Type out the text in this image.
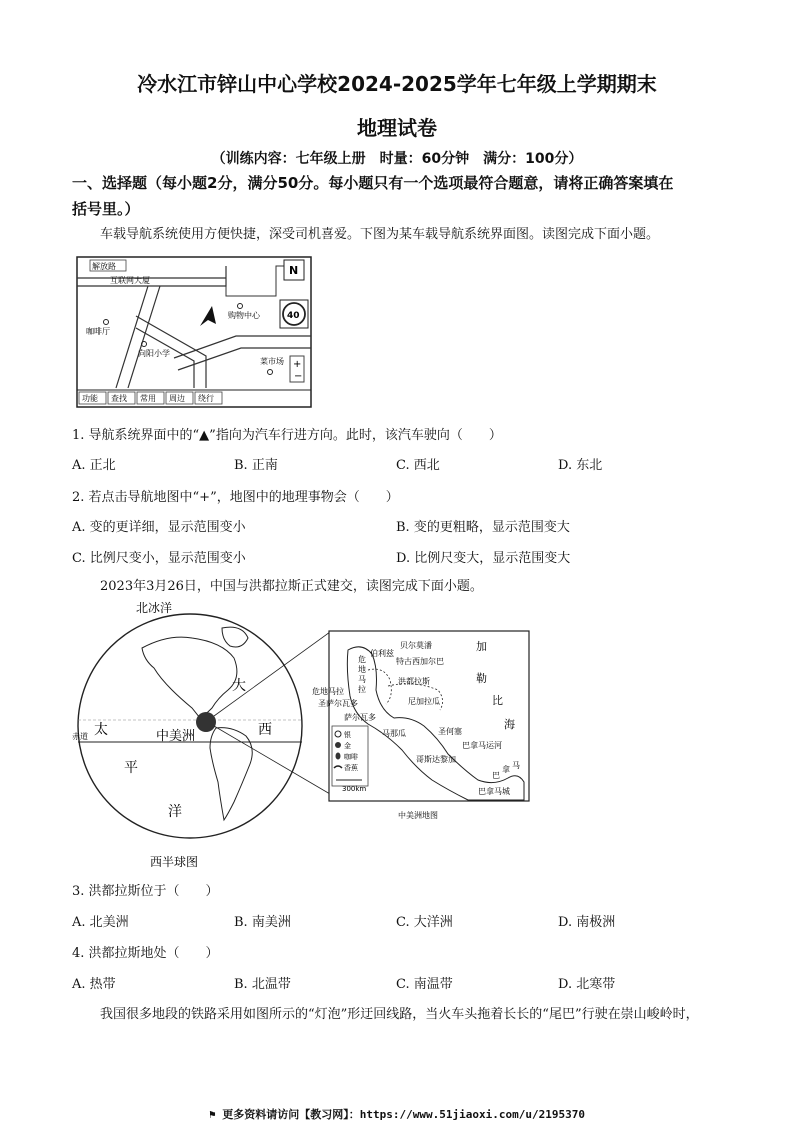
冷水江市锌山中心学校2024-2025学年七年级上学期期末
地理试卷
（训练内容：七年级上册　时量：60分钟　满分：100分）
一、选择题（每小题2分，满分50分。每小题只有一个选项最符合题意，请将正确答案填在
括号里。）
车载导航系统使用方便快捷，深受司机喜爱。下图为某车载导航系统界面图。读图完成下面小题。
解放路
互联网大厦
咖啡厅
购物中心
向阳小学
菜市场
N
40
+
−
功能 查找 常用 周边 绕行
1. 导航系统界面中的“▲”指向为汽车行进方向。此时，该汽车驶向（　　）
A. 正北	B. 正南	C. 西北	D. 东北
2. 若点击导航地图中“+”，地图中的地理事物会（　　）
A. 变的更详细，显示范围变小	B. 变的更粗略，显示范围变大
C. 比例尺变小，显示范围变小	D. 比例尺变大，显示范围变大
2023年3月26日，中国与洪都拉斯正式建交，读图完成下面小题。
北冰洋
赤道
大
西
太
平
洋
中美洲
西半球图
贝尔莫潘
伯利兹
特古西加尔巴
洪都拉斯
危
地
马
拉
危地马拉
圣萨尔瓦多
萨尔瓦多
尼加拉瓜
马那瓜	圣何塞
哥斯达黎加
巴拿马运河
巴拿马城
加
勒
比
海
巴
拿 马
银
金
咖啡
香蕉
300km
中美洲地图
3. 洪都拉斯位于（　　）
A. 北美洲	B. 南美洲	C. 大洋洲	D. 南极洲
4. 洪都拉斯地处（　　）
A. 热带	B. 北温带	C. 南温带	D. 北寒带
我国很多地段的铁路采用如图所示的“灯泡”形迂回线路，当火车头拖着长长的“尾巴”行驶在崇山峻岭时，
⚑ 更多资料请访问【教习网】：https://www.51jiaoxi.com/u/2195370
